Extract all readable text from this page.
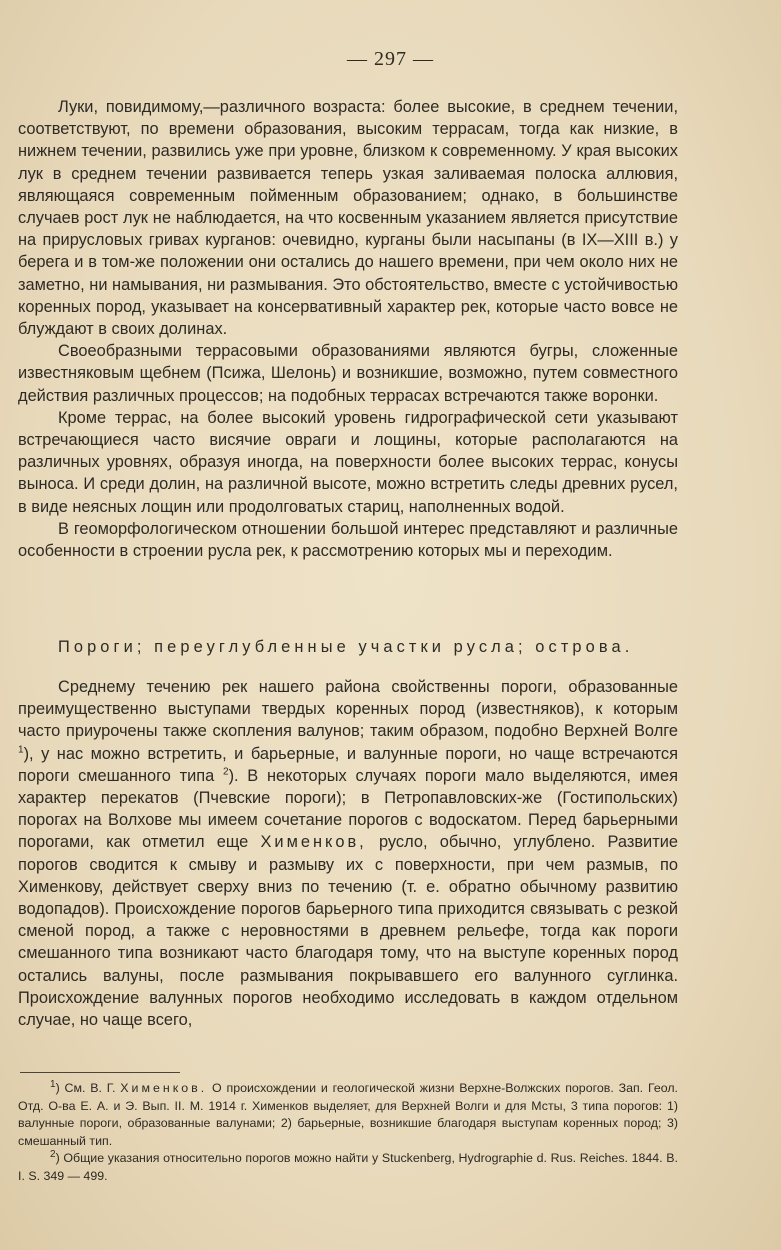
— 297 —

Луки, повидимому,—различного возраста: более высокие, в среднем течении, соответствуют, по времени образования, высоким террасам, тогда как низкие, в нижнем течении, развились уже при уровне, близком к современному. У края высоких лук в среднем течении развивается теперь узкая заливаемая полоска аллювия, являющаяся современным пойменным образованием; однако, в большинстве случаев рост лук не наблюдается, на что косвенным указанием является присутствие на прирусловых гривах курганов: очевидно, курганы были насыпаны (в IX—XIII в.) у берега и в том-же положении они остались до нашего времени, при чем около них не заметно, ни намывания, ни размывания. Это обстоятельство, вместе с устойчивостью коренных пород, указывает на консервативный характер рек, которые часто вовсе не блуждают в своих долинах.

Своеобразными террасовыми образованиями являются бугры, сложенные известняковым щебнем (Псижа, Шелонь) и возникшие, возможно, путем совместного действия различных процессов; на подобных террасах встречаются также воронки.

Кроме террас, на более высокий уровень гидрографической сети указывают встречающиеся часто висячие овраги и лощины, которые располагаются на различных уровнях, образуя иногда, на поверхности более высоких террас, конусы выноса. И среди долин, на различной высоте, можно встретить следы древних русел, в виде неясных лощин или продолговатых стариц, наполненных водой.

В геоморфологическом отношении большой интерес представляют и различные особенности в строении русла рек, к рассмотрению которых мы и переходим.

Пороги; переуглубленные участки русла; острова.

Среднему течению рек нашего района свойственны пороги, образованные преимущественно выступами твердых коренных пород (известняков), к которым часто приурочены также скопления валунов; таким образом, подобно Верхней Волге $^1$), у нас можно встретить, и барьерные, и валунные пороги, но чаще встречаются пороги смешанного типа $^2$). В некоторых случаях пороги мало выделяются, имея характер перекатов (Пчевские пороги); в Петропавловских-же (Гостипольских) порогах на Волхове мы имеем сочетание порогов с водоскатом. Перед барьерными порогами, как отметил еще Хименков, русло, обычно, углублено. Развитие порогов сводится к смыву и размыву их с поверхности, при чем размыв, по Хименкову, действует сверху вниз по течению (т. е. обратно обычному развитию водопадов). Происхождение порогов барьерного типа приходится связывать с резкой сменой пород, а также с неровностями в древнем рельефе, тогда как пороги смешанного типа возникают часто благодаря тому, что на выступе коренных пород остались валуны, после размывания покрывавшего его валунного суглинка. Происхождение валунных порогов необходимо исследовать в каждом отдельном случае, но чаще всего,

$^1$) См. В. Г. Хименков. О происхождении и геологической жизни Верхне-Волжских порогов. Зап. Геол. Отд. О-ва Е. А. и Э. Вып. II. М. 1914 г. Хименков выделяет, для Верхней Волги и для Мсты, 3 типа порогов: 1) валунные пороги, образованные валунами; 2) барьерные, возникшие благодаря выступам коренных пород; 3) смешанный тип.

$^2$) Общие указания относительно порогов можно найти у Stuckenberg, Hydrographie d. Rus. Reiches. 1844. B. I. S. 349 — 499.
